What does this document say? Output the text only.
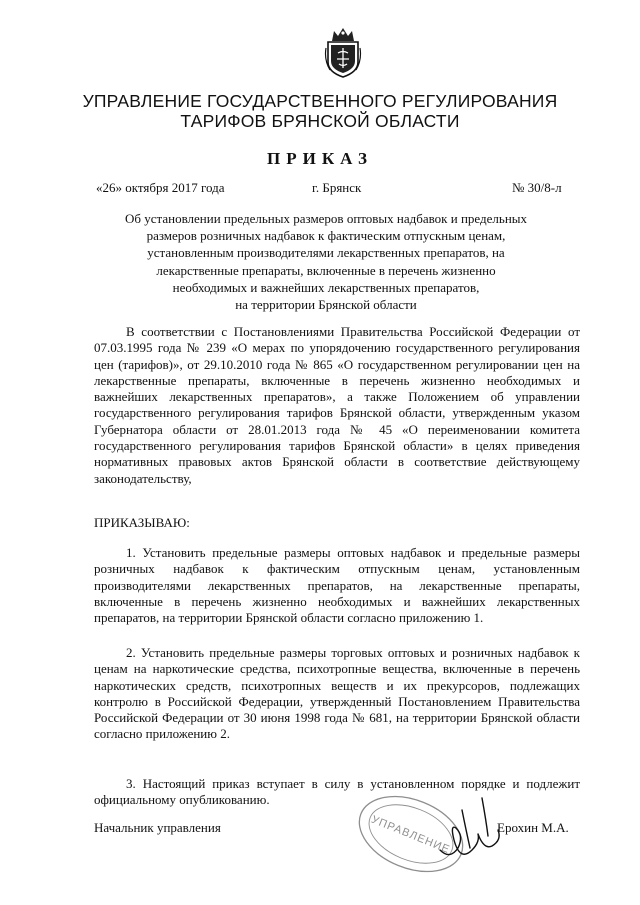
УПРАВЛЕНИЕ ГОСУДАРСТВЕННОГО РЕГУЛИРОВАНИЯ
ТАРИФОВ БРЯНСКОЙ ОБЛАСТИ
ПРИКАЗ
«26» октября 2017 года	г. Брянск	№ 30/8-л
Об установлении предельных размеров оптовых надбавок и предельных
размеров розничных надбавок к фактическим отпускным ценам,
установленным производителями лекарственных препаратов, на
лекарственные препараты, включенные в перечень жизненно
необходимых и важнейших лекарственных препаратов,
на территории Брянской области
В соответствии с Постановлениями Правительства Российской Федерации от 07.03.1995 года № 239 «О мерах по упорядочению государственного регулирования цен (тарифов)», от 29.10.2010 года № 865 «О государственном регулировании цен на лекарственные препараты, включенные в перечень жизненно необходимых и важнейших лекарственных препаратов», а также Положением об управлении государственного регулирования тарифов Брянской области, утвержденным указом Губернатора области от 28.01.2013 года № 45 «О переименовании комитета государственного регулирования тарифов Брянской области» в целях приведения нормативных правовых актов Брянской области в соответствие действующему законодательству,
ПРИКАЗЫВАЮ:
1. Установить предельные размеры оптовых надбавок и предельные размеры розничных надбавок к фактическим отпускным ценам, установленным производителями лекарственных препаратов, на лекарственные препараты, включенные в перечень жизненно необходимых и важнейших лекарственных препаратов, на территории Брянской области согласно приложению 1.
2. Установить предельные размеры торговых оптовых и розничных надбавок к ценам на наркотические средства, психотропные вещества, включенные в перечень наркотических средств, психотропных веществ и их прекурсоров, подлежащих контролю в Российской Федерации, утвержденный Постановлением Правительства Российской Федерации от 30 июня 1998 года № 681, на территории Брянской области согласно приложению 2.
3. Настоящий приказ вступает в силу в установленном порядке и подлежит официальному опубликованию.
УПРАВЛЕНИЕ
Начальник управления	Ерохин М.А.
